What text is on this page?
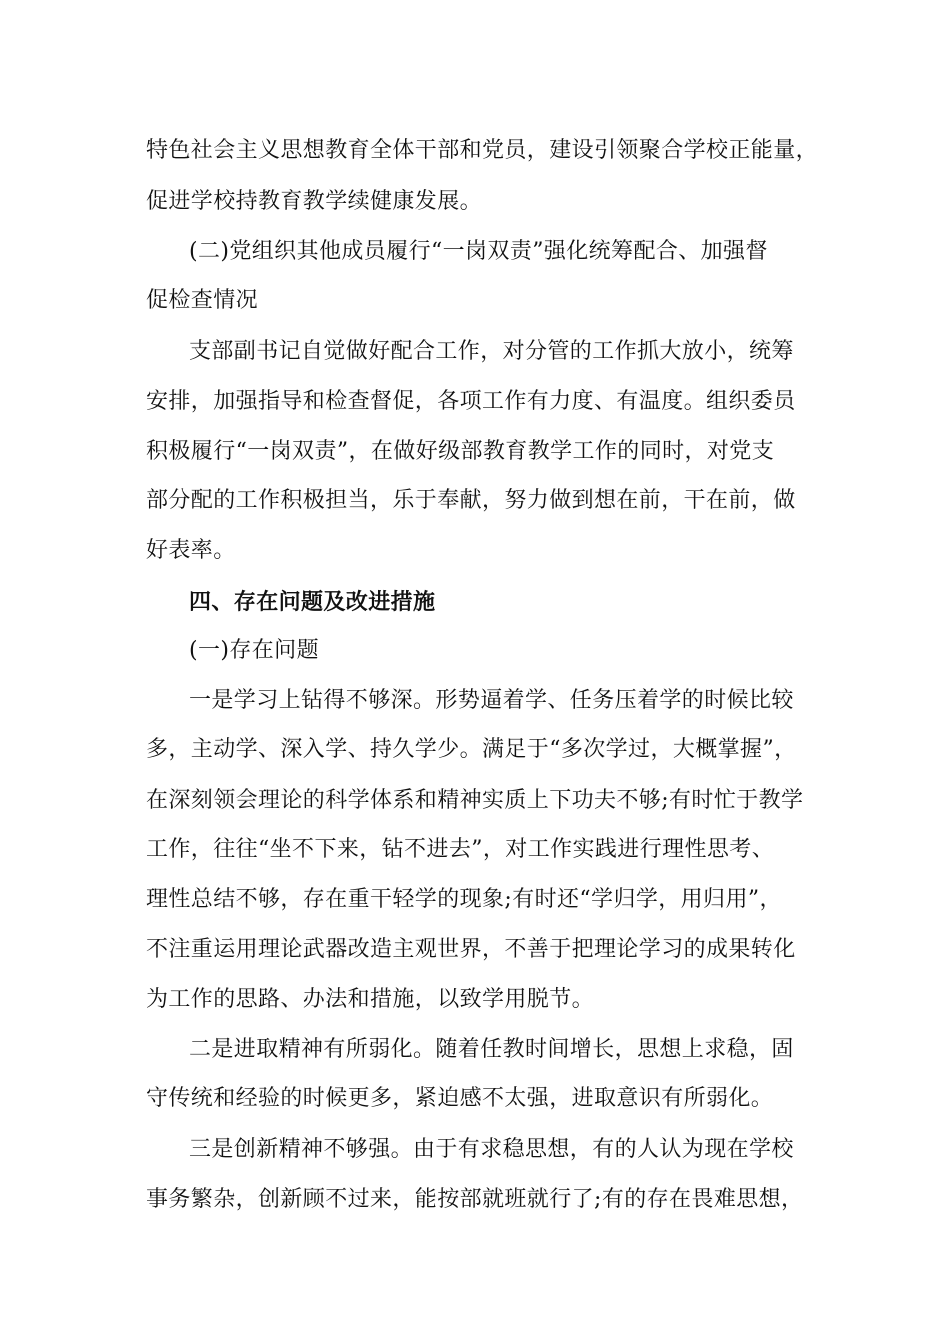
特色社会主义思想教育全体干部和党员，建设引领聚合学校正能量，
促进学校持教育教学续健康发展。
(二)党组织其他成员履行“一岗双责”强化统筹配合、加强督
促检查情况
支部副书记自觉做好配合工作，对分管的工作抓大放小，统筹
安排，加强指导和检查督促，各项工作有力度、有温度。组织委员
积极履行“一岗双责”，在做好级部教育教学工作的同时，对党支
部分配的工作积极担当，乐于奉献，努力做到想在前，干在前，做
好表率。
四、存在问题及改进措施
(一)存在问题
一是学习上钻得不够深。形势逼着学、任务压着学的时候比较
多，主动学、深入学、持久学少。满足于“多次学过，大概掌握”，
在深刻领会理论的科学体系和精神实质上下功夫不够;有时忙于教学
工作，往往“坐不下来，钻不进去”，对工作实践进行理性思考、
理性总结不够，存在重干轻学的现象;有时还“学归学，用归用”，
不注重运用理论武器改造主观世界，不善于把理论学习的成果转化
为工作的思路、办法和措施，以致学用脱节。
二是进取精神有所弱化。随着任教时间增长，思想上求稳，固
守传统和经验的时候更多，紧迫感不太强，进取意识有所弱化。
三是创新精神不够强。由于有求稳思想，有的人认为现在学校
事务繁杂，创新顾不过来，能按部就班就行了;有的存在畏难思想，
